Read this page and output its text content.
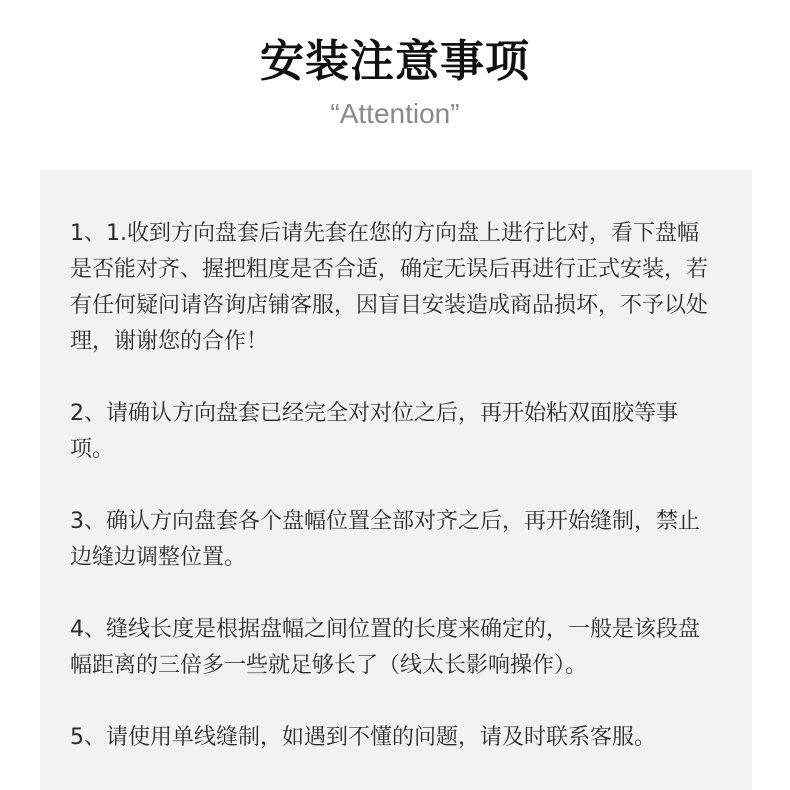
安装注意事项
“Attention”

1、1.收到方向盘套后请先套在您的方向盘上进行比对，看下盘幅是否能对齐、握把粗度是否合适，确定无误后再进行正式安装，若有任何疑问请咨询店铺客服，因盲目安装造成商品损坏，不予以处理，谢谢您的合作！

2、请确认方向盘套已经完全对对位之后，再开始粘双面胶等事项。

3、确认方向盘套各个盘幅位置全部对齐之后，再开始缝制，禁止边缝边调整位置。

4、缝线长度是根据盘幅之间位置的长度来确定的，一般是该段盘幅距离的三倍多一些就足够长了（线太长影响操作）。

5、请使用单线缝制，如遇到不懂的问题，请及时联系客服。
